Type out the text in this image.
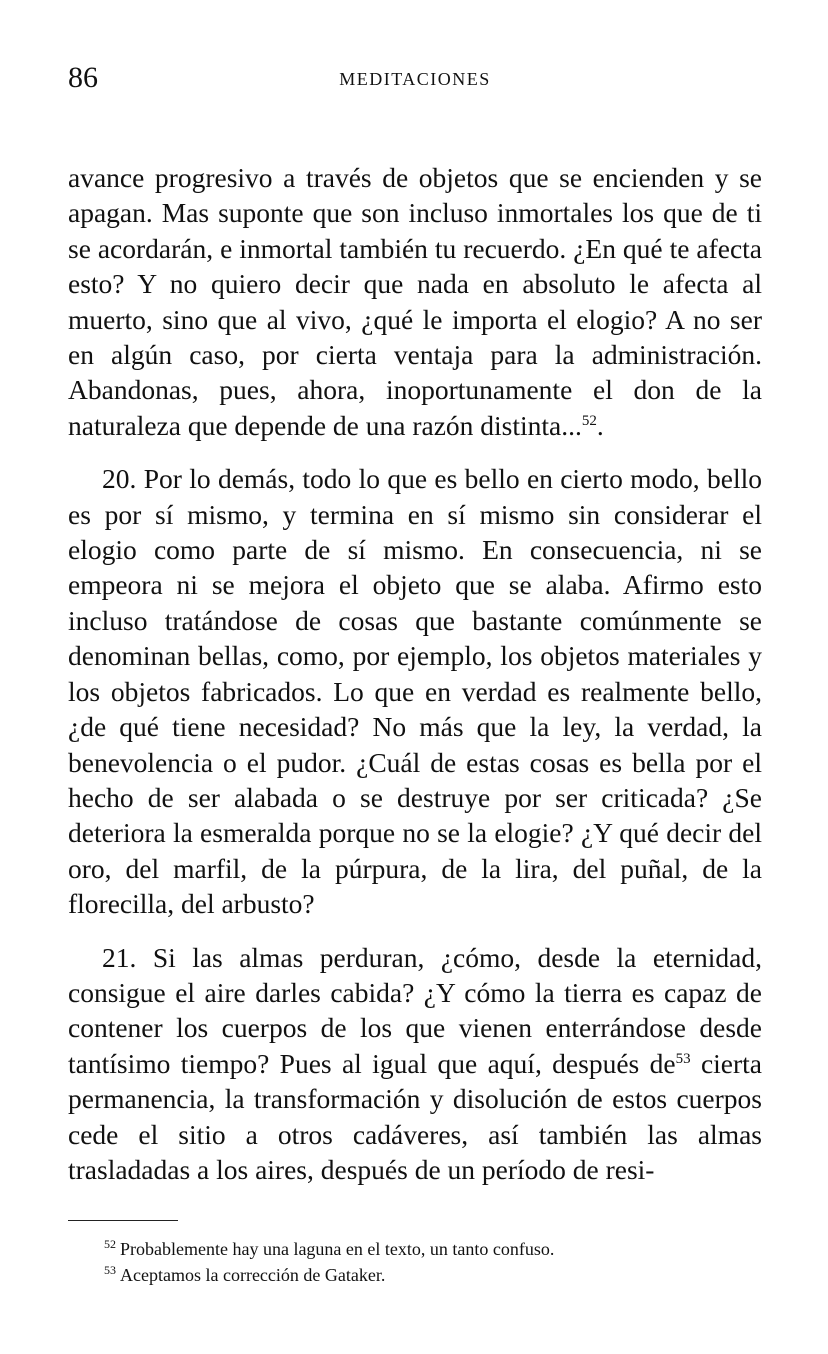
86	MEDITACIONES

avance progresivo a través de objetos que se encienden y se apagan. Mas suponte que son incluso inmortales los que de ti se acordarán, e inmortal también tu recuerdo. ¿En qué te afecta esto? Y no quiero decir que nada en absoluto le afecta al muerto, sino que al vivo, ¿qué le importa el elogio? A no ser en algún caso, por cierta ventaja para la administración. Abandonas, pues, ahora, inoportunamente el don de la naturaleza que depende de una razón distinta...$^{52}$.

20. Por lo demás, todo lo que es bello en cierto modo, bello es por sí mismo, y termina en sí mismo sin considerar el elogio como parte de sí mismo. En consecuencia, ni se empeora ni se mejora el objeto que se alaba. Afirmo esto incluso tratándose de cosas que bastante comúnmente se denominan bellas, como, por ejemplo, los objetos materiales y los objetos fabricados. Lo que en verdad es realmente bello, ¿de qué tiene necesidad? No más que la ley, la verdad, la benevolencia o el pudor. ¿Cuál de estas cosas es bella por el hecho de ser alabada o se destruye por ser criticada? ¿Se deteriora la esmeralda porque no se la elogie? ¿Y qué decir del oro, del marfil, de la púrpura, de la lira, del puñal, de la florecilla, del arbusto?

21. Si las almas perduran, ¿cómo, desde la eternidad, consigue el aire darles cabida? ¿Y cómo la tierra es capaz de contener los cuerpos de los que vienen enterrándose desde tantísimo tiempo? Pues al igual que aquí, después de$^{53}$ cierta permanencia, la transformación y disolución de estos cuerpos cede el sitio a otros cadáveres, así también las almas trasladadas a los aires, después de un período de resi-

$^{52}$ Probablemente hay una laguna en el texto, un tanto confuso.

$^{53}$ Aceptamos la corrección de Gataker.
